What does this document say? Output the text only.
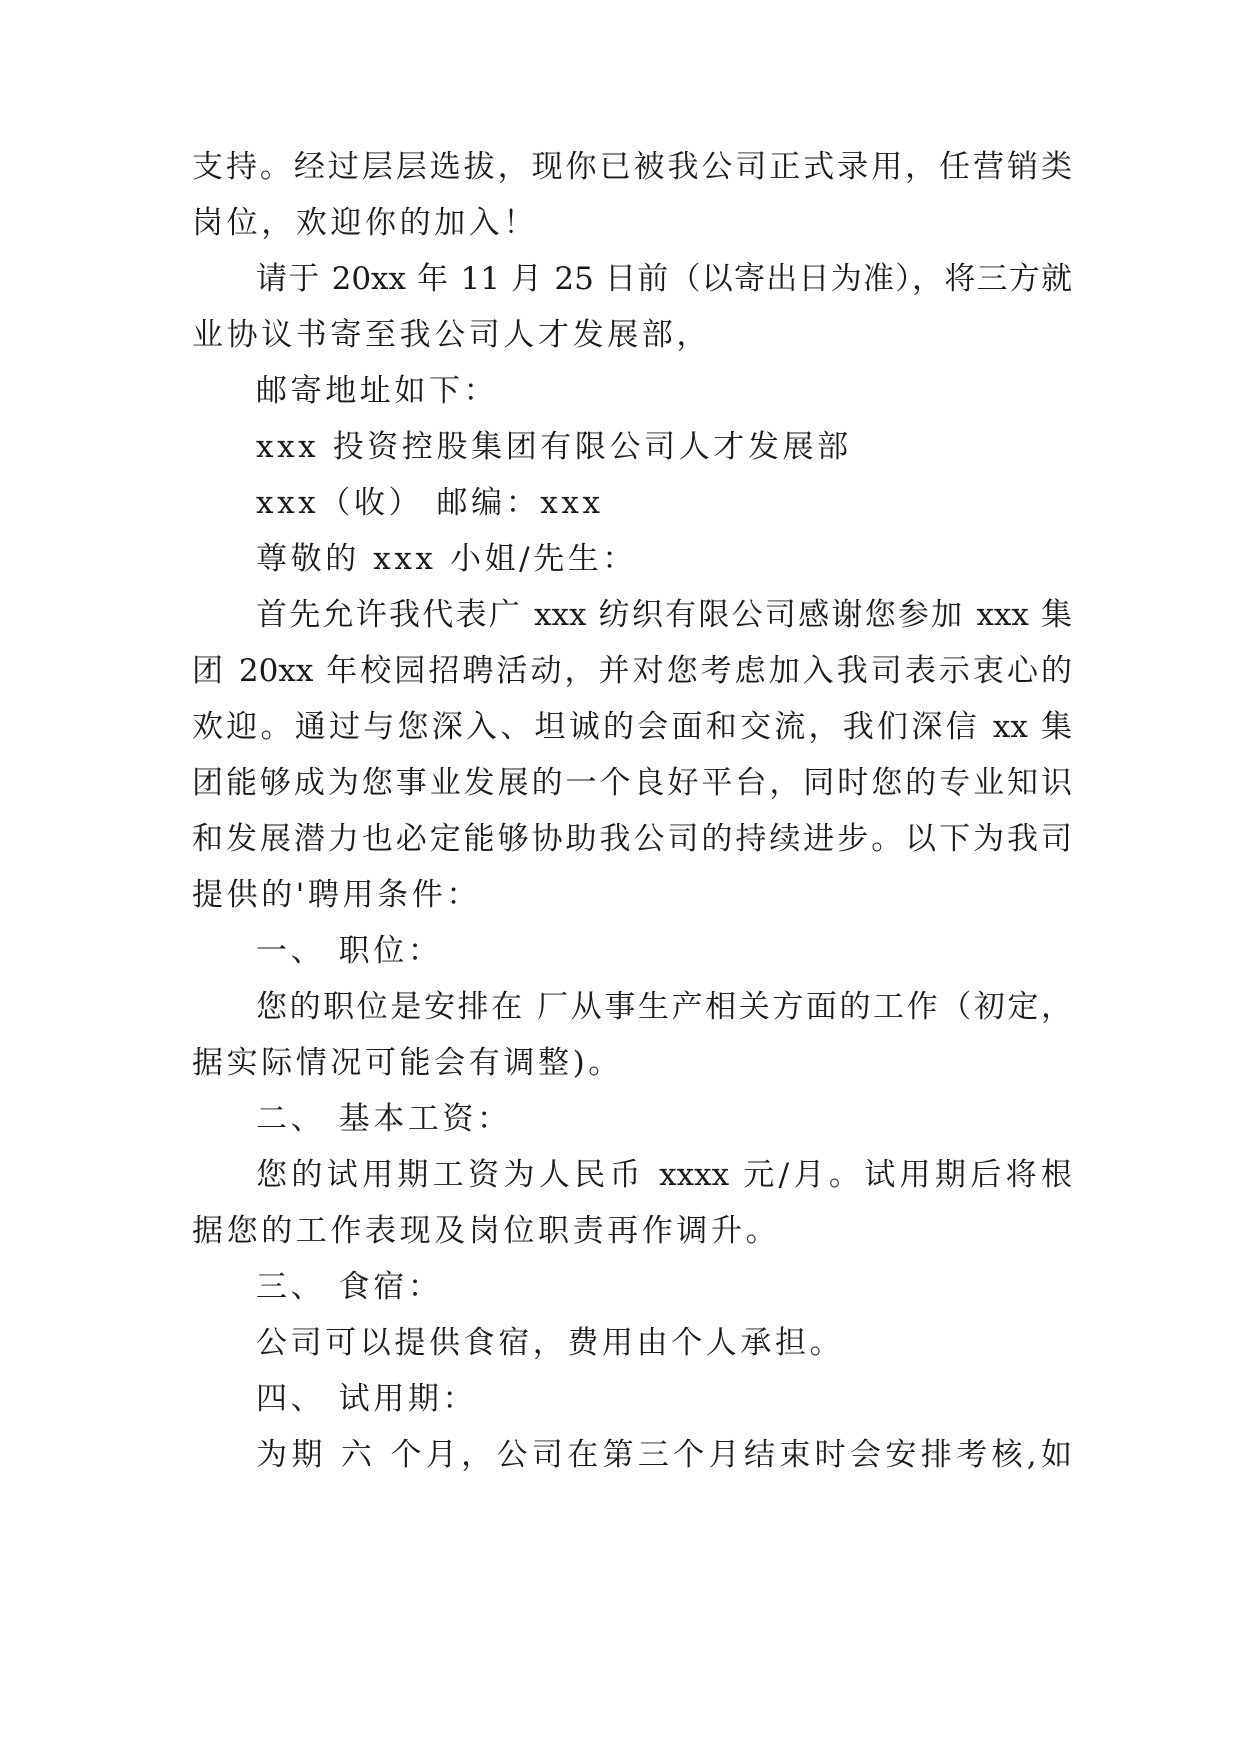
支持。经过层层选拔，现你已被我公司正式录用，任营销类
岗位，欢迎你的加入！
请于 20xx 年 11 月 25 日前（以寄出日为准），将三方就
业协议书寄至我公司人才发展部，
邮寄地址如下：
xxx 投资控股集团有限公司人才发展部
xxx（收） 邮编：xxx
尊敬的 xxx 小姐/先生：
首先允许我代表广 xxx 纺织有限公司感谢您参加 xxx 集
团 20xx 年校园招聘活动，并对您考虑加入我司表示衷心的
欢迎。通过与您深入、坦诚的会面和交流，我们深信 xx 集
团能够成为您事业发展的一个良好平台，同时您的专业知识
和发展潜力也必定能够协助我公司的持续进步。以下为我司
提供的'聘用条件：
一、 职位：
您的职位是安排在 厂从事生产相关方面的工作（初定，
据实际情况可能会有调整)。
二、 基本工资：
您的试用期工资为人民币 xxxx 元/月。试用期后将根
据您的工作表现及岗位职责再作调升。
三、 食宿：
公司可以提供食宿，费用由个人承担。
四、 试用期：
为期 六 个月，公司在第三个月结束时会安排考核,如
